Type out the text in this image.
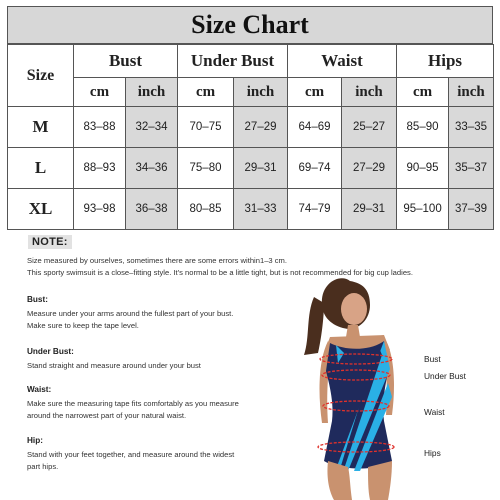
Size Chart
Size	Bust		Under Bust		Waist		Hips	
	cm	inch	cm	inch	cm	inch	cm	inch
M	83–88	32–34	70–75	27–29	64–69	25–27	85–90	33–35
L	88–93	34–36	75–80	29–31	69–74	27–29	90–95	35–37
XL	93–98	36–38	80–85	31–33	74–79	29–31	95–100	37–39
NOTE:
Size measured by ourselves, sometimes there are some errors within1–3 cm.
This sporty swimsuit is a close–fitting style. It's normal to be a little tight, but is not recommended for big cup ladies.
Bust:
Measure under your arms around the fullest part of your bust.
Make sure to keep the tape level.
Under Bust:
Stand straight and measure around under your bust
Waist:
Make sure the measuring tape fits comfortably as you measure
around the narrowest part of your natural waist.
Hip:
Stand with your feet together, and measure around the widest
part hips.
Bust
Under Bust
Waist
Hips
